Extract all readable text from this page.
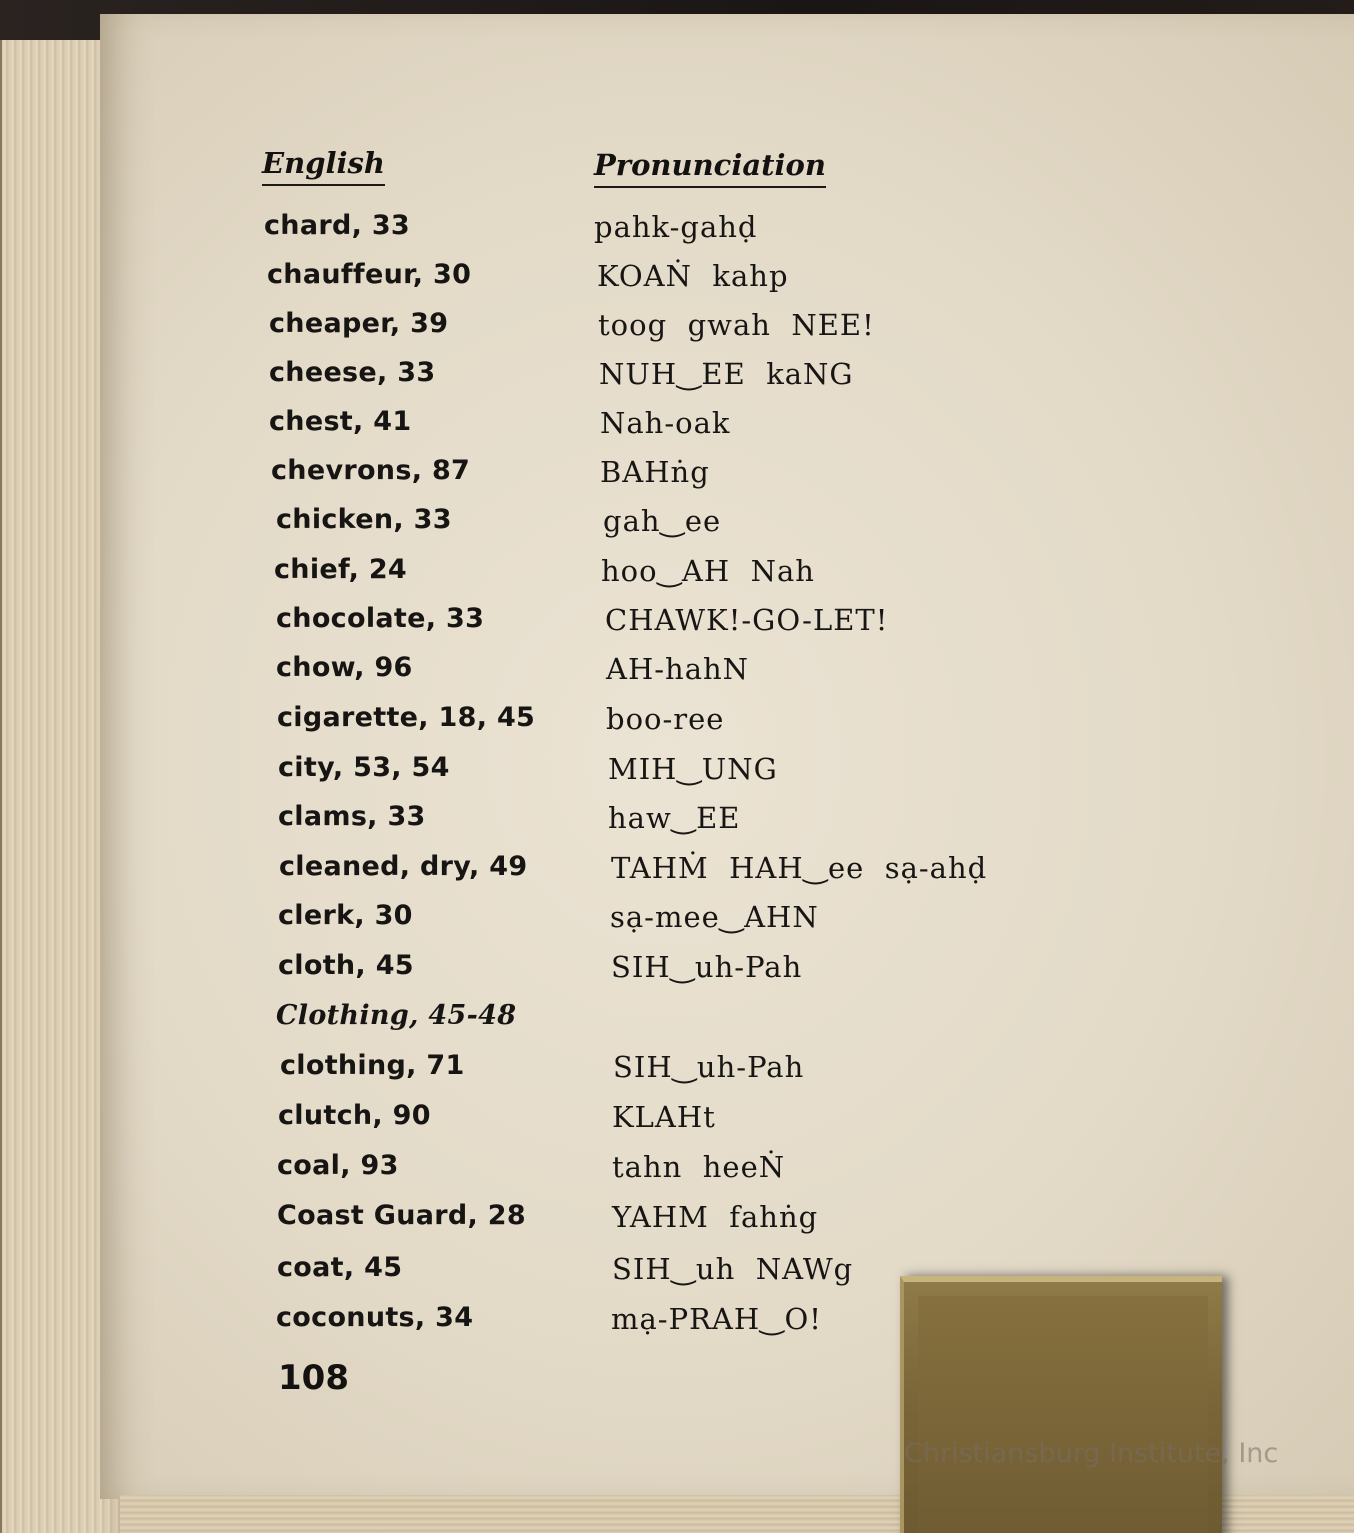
English	Pronunciation
chard, 33	pahk-gahḍ
chauffeur, 30	KOAṄ  kahp
cheaper, 39	toog  gwah  NEE!
cheese, 33	NUH‿EE  kaNG
chest, 41	Nah-oak
chevrons, 87	BAHṅg
chicken, 33	gah‿ee
chief, 24	hoo‿AH  Nah
chocolate, 33	CHAWK!-GO-LET!
chow, 96	AH-hahN
cigarette, 18, 45 boo-ree
city, 53, 54	MIH‿UNG
clams, 33	haw‿EE
cleaned, dry, 49	TAHṀ  HAH‿ee  sạ-ahḍ
clerk, 30	sạ-mee‿AHN
cloth, 45	SIH‿uh-Pah
Clothing, 45-48
clothing, 71	SIH‿uh-Pah
clutch, 90	KLAHt
coal, 93	tahn  heeṄ
Coast Guard, 28	YAHM  fahṅg
coat, 45	SIH‿uh  NAWg
coconuts, 34	mạ-PRAH‿O!
108
Christiansburg Institute, Inc
